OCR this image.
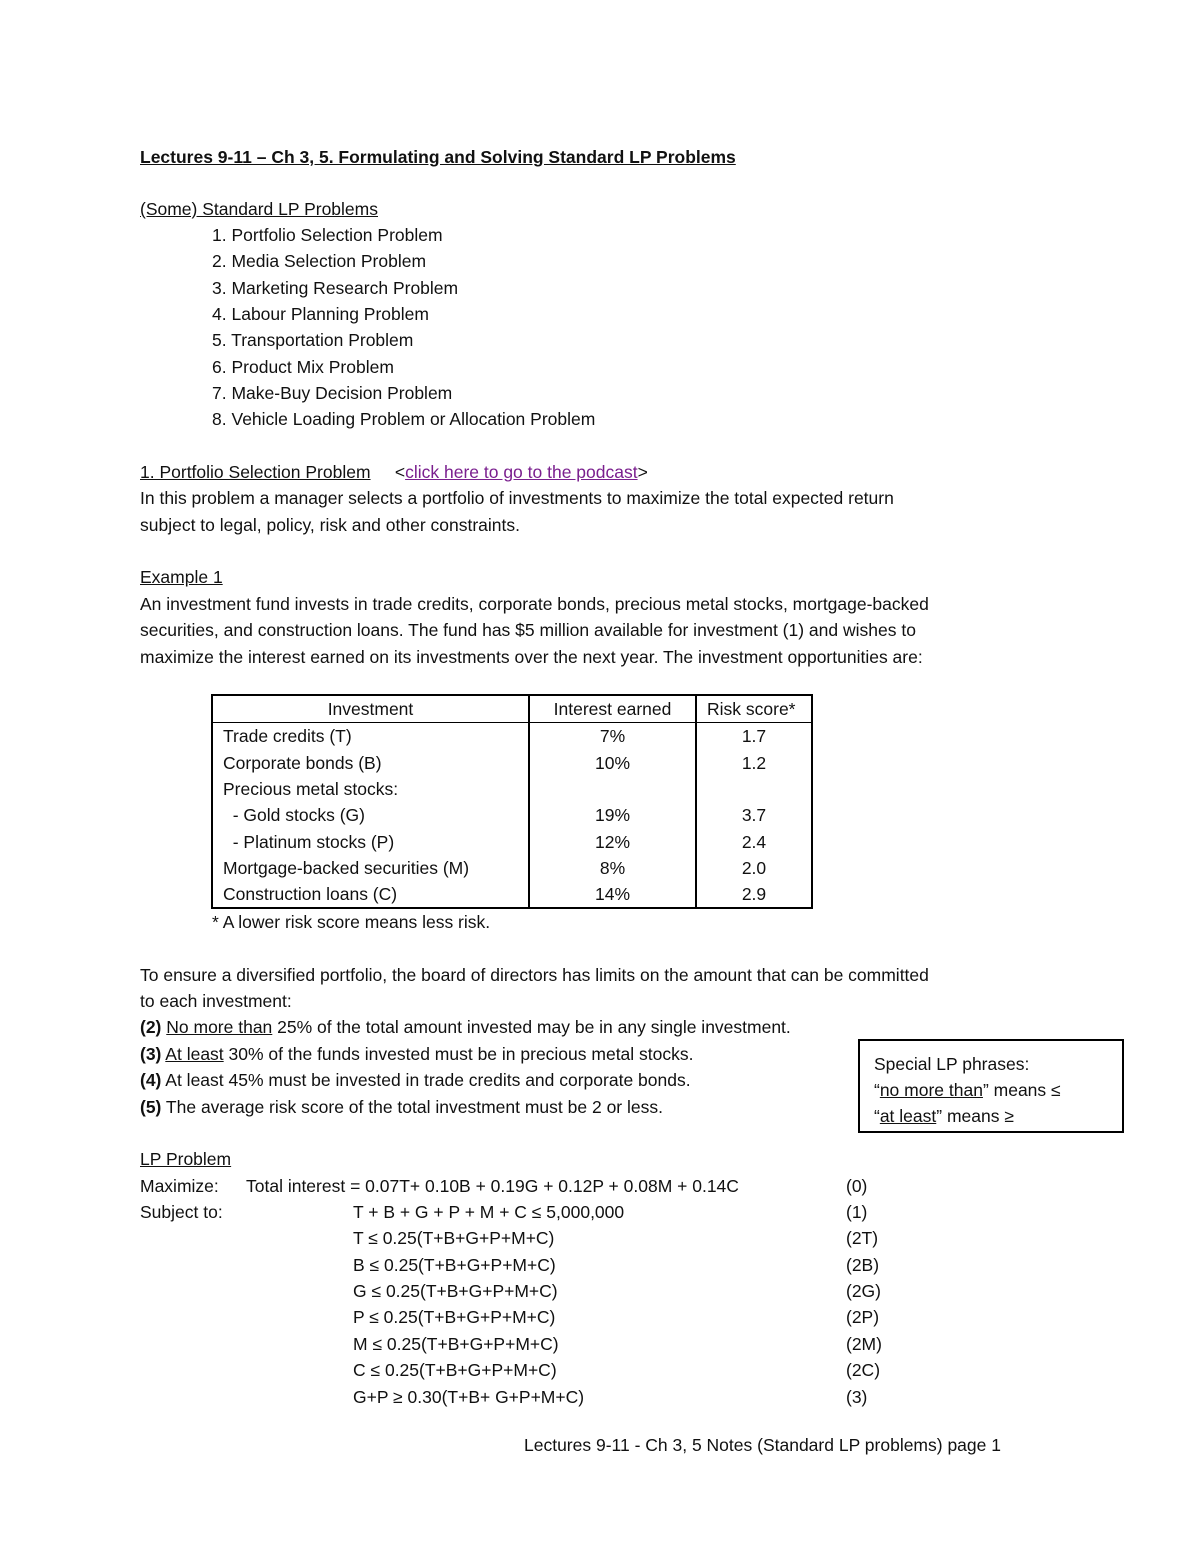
Lectures 9-11 – Ch 3, 5. Formulating and Solving Standard LP Problems
(Some) Standard LP Problems
1. Portfolio Selection Problem
2. Media Selection Problem
3. Marketing Research Problem
4. Labour Planning Problem
5. Transportation Problem
6. Product Mix Problem
7. Make-Buy Decision Problem
8. Vehicle Loading Problem or Allocation Problem
1. Portfolio Selection Problem <click here to go to the podcast>
In this problem a manager selects a portfolio of investments to maximize the total expected return
subject to legal, policy, risk and other constraints.
Example 1
An investment fund invests in trade credits, corporate bonds, precious metal stocks, mortgage-backed
securities, and construction loans. The fund has $5 million available for investment (1) and wishes to
maximize the interest earned on its investments over the next year. The investment opportunities are:
Investment	Interest earned	Risk score*
Trade credits (T)	7%	1.7
Corporate bonds (B)	10%	1.2
Precious metal stocks:		
- Gold stocks (G)	19%	3.7
- Platinum stocks (P)	12%	2.4
Mortgage-backed securities (M)	8%	2.0
Construction loans (C)	14%	2.9
* A lower risk score means less risk.
To ensure a diversified portfolio, the board of directors has limits on the amount that can be committed
to each investment:
(2) No more than 25% of the total amount invested may be in any single investment.
(3) At least 30% of the funds invested must be in precious metal stocks.
(4) At least 45% must be invested in trade credits and corporate bonds.
(5) The average risk score of the total investment must be 2 or less.
Special LP phrases:
“no more than” means ≤
“at least” means ≥
LP Problem
Maximize: Total interest = 0.07T+ 0.10B + 0.19G + 0.12P + 0.08M + 0.14C	(0)
Subject to:	T + B + G + P + M + C ≤ 5,000,000	(1)
T ≤ 0.25(T+B+G+P+M+C)	(2T)
B ≤ 0.25(T+B+G+P+M+C)	(2B)
G ≤ 0.25(T+B+G+P+M+C)	(2G)
P ≤ 0.25(T+B+G+P+M+C)	(2P)
M ≤ 0.25(T+B+G+P+M+C)	(2M)
C ≤ 0.25(T+B+G+P+M+C)	(2C)
G+P ≥ 0.30(T+B+ G+P+M+C)	(3)
Lectures 9-11 - Ch 3, 5 Notes (Standard LP problems) page 1
